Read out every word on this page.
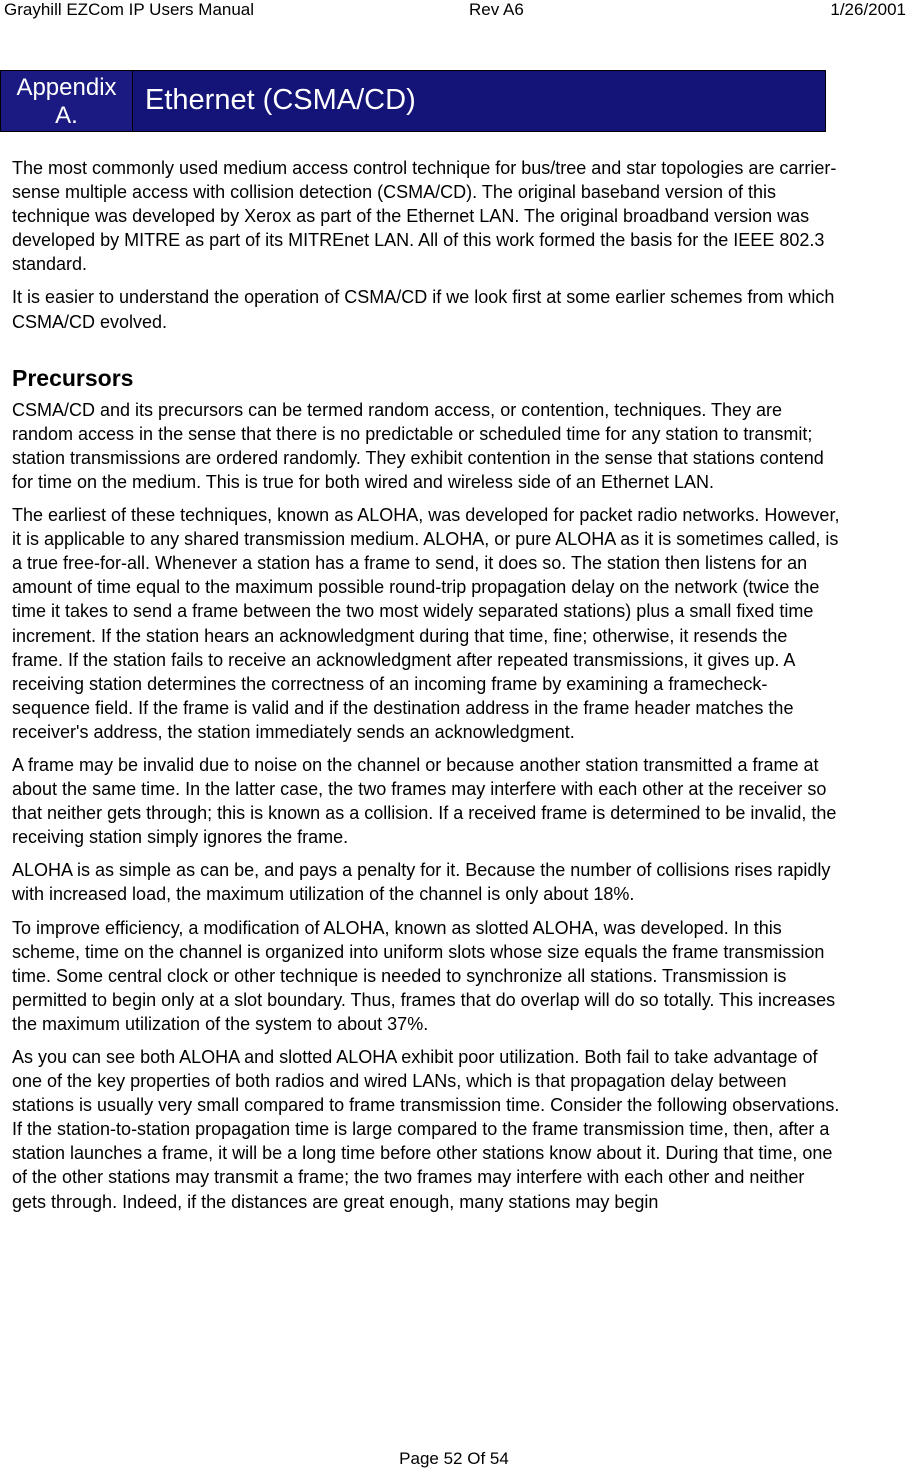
Grayhill EZCom IP Users Manual	Rev A6	1/26/2001
Appendix
A.	Ethernet (CSMA/CD)

The most commonly used medium access control technique for bus/tree and star topologies are carrier-sense multiple access with collision detection (CSMA/CD). The original baseband version of this technique was developed by Xerox as part of the Ethernet LAN. The original broadband version was developed by MITRE as part of its MITREnet LAN. All of this work formed the basis for the IEEE 802.3 standard.

It is easier to understand the operation of CSMA/CD if we look first at some earlier schemes from which CSMA/CD evolved.

Precursors

CSMA/CD and its precursors can be termed random access, or contention, techniques. They are random access in the sense that there is no predictable or scheduled time for any station to transmit; station transmissions are ordered randomly. They exhibit contention in the sense that stations contend for time on the medium. This is true for both wired and wireless side of an Ethernet LAN.

The earliest of these techniques, known as ALOHA, was developed for packet radio networks. However, it is applicable to any shared transmission medium. ALOHA, or pure ALOHA as it is sometimes called, is a true free-for-all. Whenever a station has a frame to send, it does so. The station then listens for an amount of time equal to the maximum possible round-trip propagation delay on the network (twice the time it takes to send a frame between the two most widely separated stations) plus a small fixed time increment. If the station hears an acknowledgment during that time, fine; otherwise, it resends the frame. If the station fails to receive an acknowledgment after repeated transmissions, it gives up. A receiving station determines the correctness of an incoming frame by examining a framecheck-sequence field. If the frame is valid and if the destination address in the frame header matches the receiver's address, the station immediately sends an acknowledgment.

A frame may be invalid due to noise on the channel or because another station transmitted a frame at about the same time. In the latter case, the two frames may interfere with each other at the receiver so that neither gets through; this is known as a collision. If a received frame is determined to be invalid, the receiving station simply ignores the frame.

ALOHA is as simple as can be, and pays a penalty for it. Because the number of collisions rises rapidly with increased load, the maximum utilization of the channel is only about 18%.

To improve efficiency, a modification of ALOHA, known as slotted ALOHA, was developed. In this scheme, time on the channel is organized into uniform slots whose size equals the frame transmission time. Some central clock or other technique is needed to synchronize all stations. Transmission is permitted to begin only at a slot boundary. Thus, frames that do overlap will do so totally. This increases the maximum utilization of the system to about 37%.

As you can see both ALOHA and slotted ALOHA exhibit poor utilization. Both fail to take advantage of one of the key properties of both radios and wired LANs, which is that propagation delay between stations is usually very small compared to frame transmission time. Consider the following observations. If the station-to-station propagation time is large compared to the frame transmission time, then, after a station launches a frame, it will be a long time before other stations know about it. During that time, one of the other stations may transmit a frame; the two frames may interfere with each other and neither gets through. Indeed, if the distances are great enough, many stations may begin

Page 52 Of 54
